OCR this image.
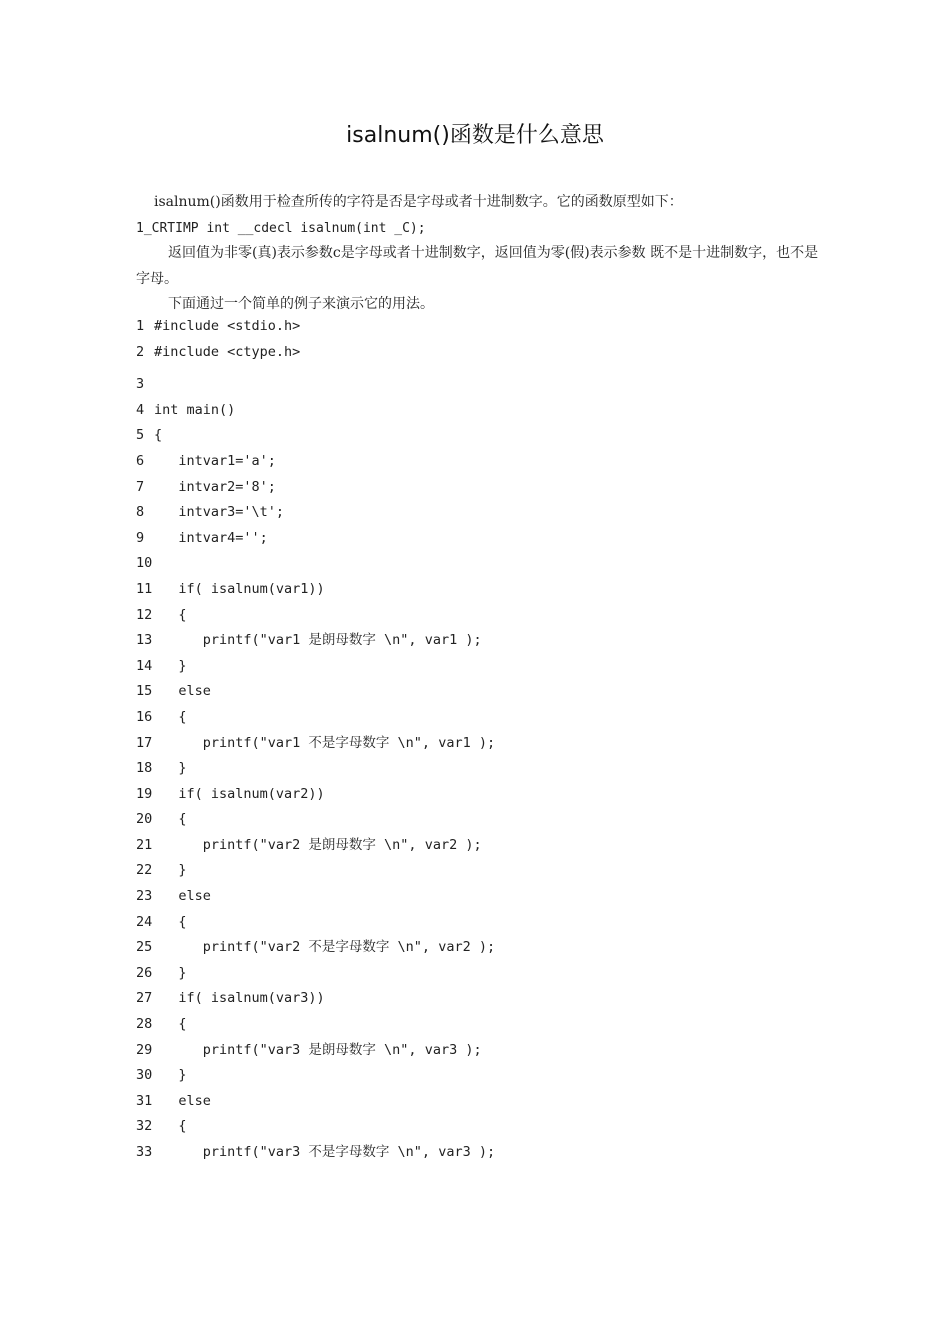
isalnum()函数是什么意思

isalnum()函数用于检查所传的字符是否是字母或者十进制数字。它的函数原型如下：

1_CRTIMP int __cdecl isalnum(int _C);

返回值为非零(真)表示参数c是字母或者十进制数字，返回值为零(假)表示参数 既不是十进制数字，也不是字母。

下面通过一个简单的例子来演示它的用法。

1 #include <stdio.h>
2 #include <ctype.h>
3
4 int main()
5 {
6 intvar1='a';
7 intvar2='8';
8 intvar3='\t';
9 intvar4='';
10
11 if( isalnum(var1))
12 {
13 printf("var1 是朗母数字 \n", var1 );
14 }
15 else
16 {
17 printf("var1 不是字母数字 \n", var1 );
18 }
19 if( isalnum(var2))
20 {
21 printf("var2 是朗母数字 \n", var2 );
22 }
23 else
24 {
25 printf("var2 不是字母数字 \n", var2 );
26 }
27 if( isalnum(var3))
28 {
29 printf("var3 是朗母数字 \n", var3 );
30 }
31 else
32 {
33 printf("var3 不是字母数字 \n", var3 );
